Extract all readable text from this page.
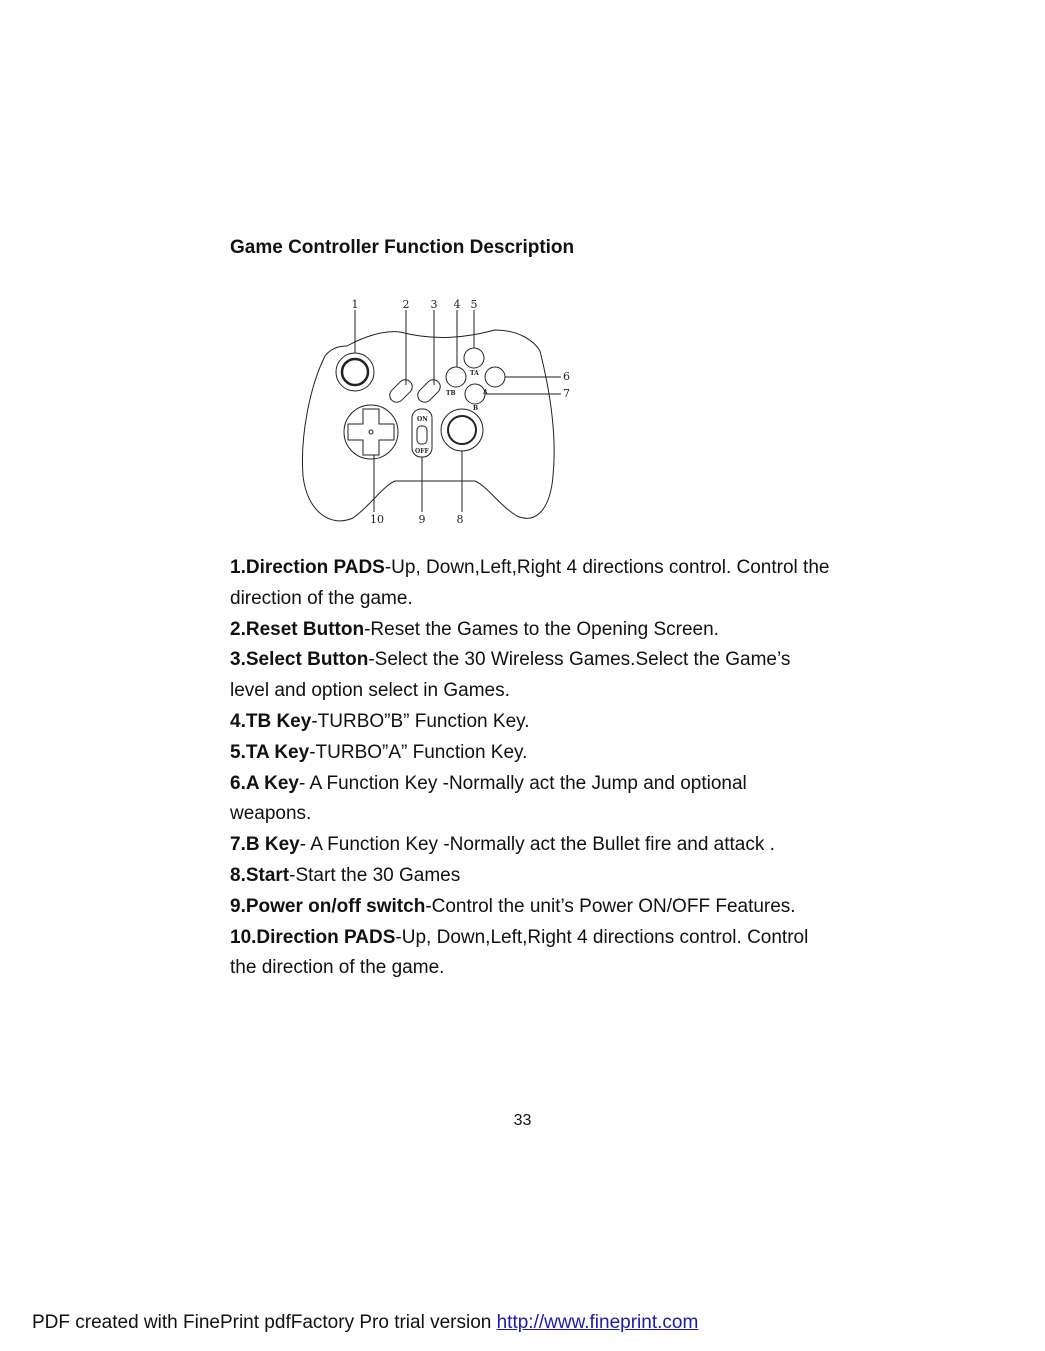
Game Controller Function Description
1	2 3 4 5
6
7
8
9
10
TA
TB	A
B
ON
OFF
1.Direction PADS-Up, Down,Left,Right 4 directions control. Control the direction of the game.
2.Reset Button-Reset the Games to the Opening Screen.
3.Select Button-Select the 30 Wireless Games.Select the Game’s level and option select in Games.
4.TB Key-TURBO”B” Function Key.
5.TA Key-TURBO”A” Function Key.
6.A Key- A Function Key -Normally act the Jump and optional weapons.
7.B Key- A Function Key -Normally act the Bullet fire and attack .
8.Start-Start the 30 Games
9.Power on/off switch-Control the unit’s Power ON/OFF Features.
10.Direction PADS-Up, Down,Left,Right 4 directions control. Control the direction of the game.
33
PDF created with FinePrint pdfFactory Pro trial version http://www.fineprint.com
